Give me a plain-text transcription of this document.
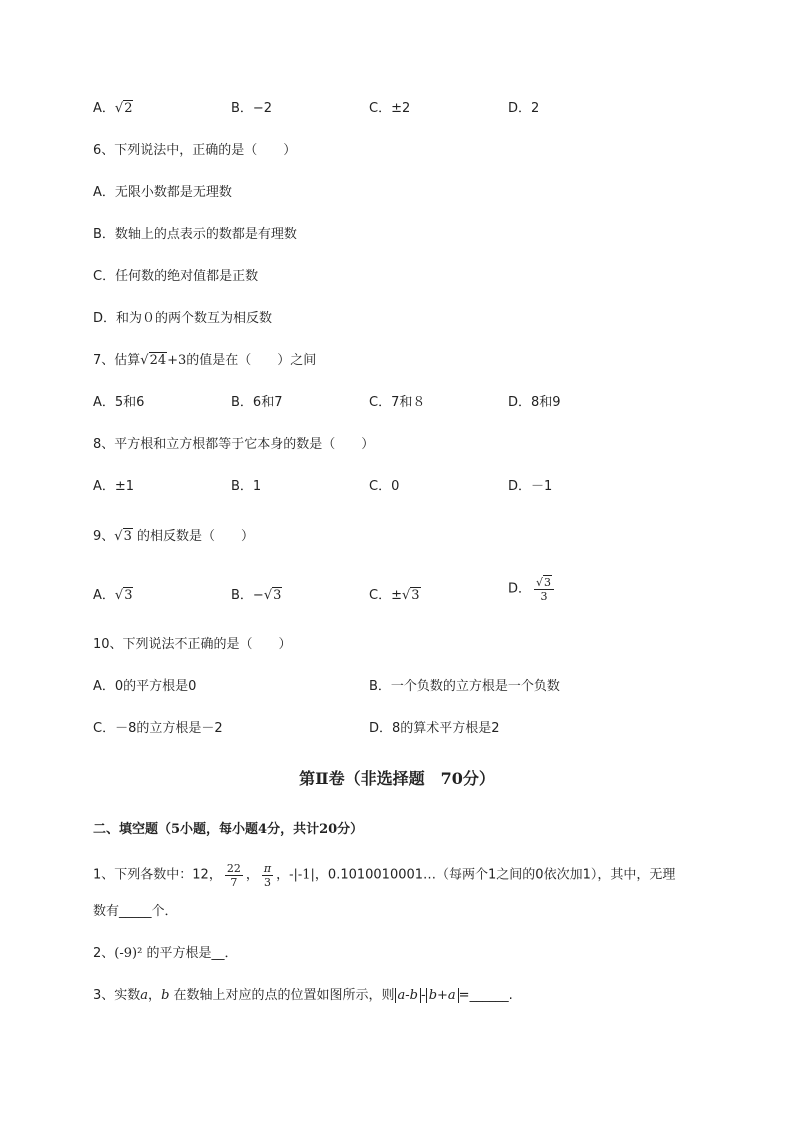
A．√2	B．−2	C．±2	D．2
6、下列说法中，正确的是（　　）
A．无限小数都是无理数
B．数轴上的点表示的数都是有理数
C．任何数的绝对值都是正数
D．和为０的两个数互为相反数
7、估算√24+3的值是在（　　）之间
A．5和6	B．6和7	C．7和８	D．8和9
8、平方根和立方根都等于它本身的数是（　　）
A．±1	B．1	C．0	D．－1
9、√3 的相反数是（　　）
A．√3	B．−√3	C．±√3	D． $\frac{√3}{3}$
10、下列说法不正确的是（　　）
A．0的平方根是0	B．一个负数的立方根是一个负数
C．－8的立方根是－2	D．8的算术平方根是2
第Ⅱ卷（非选择题　70分）
二、填空题（5小题，每小题4分，共计20分）
1、下列各数中：12， $\frac{22}{7}$ ， $\frac{\pi}{3}$ ，-|-1|，0.1010010001…（每两个1之间的0依次加1），其中，无理
数有_____个．
2、(-9)² 的平方根是__．
3、实数a，b 在数轴上对应的点的位置如图所示，则 a-b - b+a =______.
